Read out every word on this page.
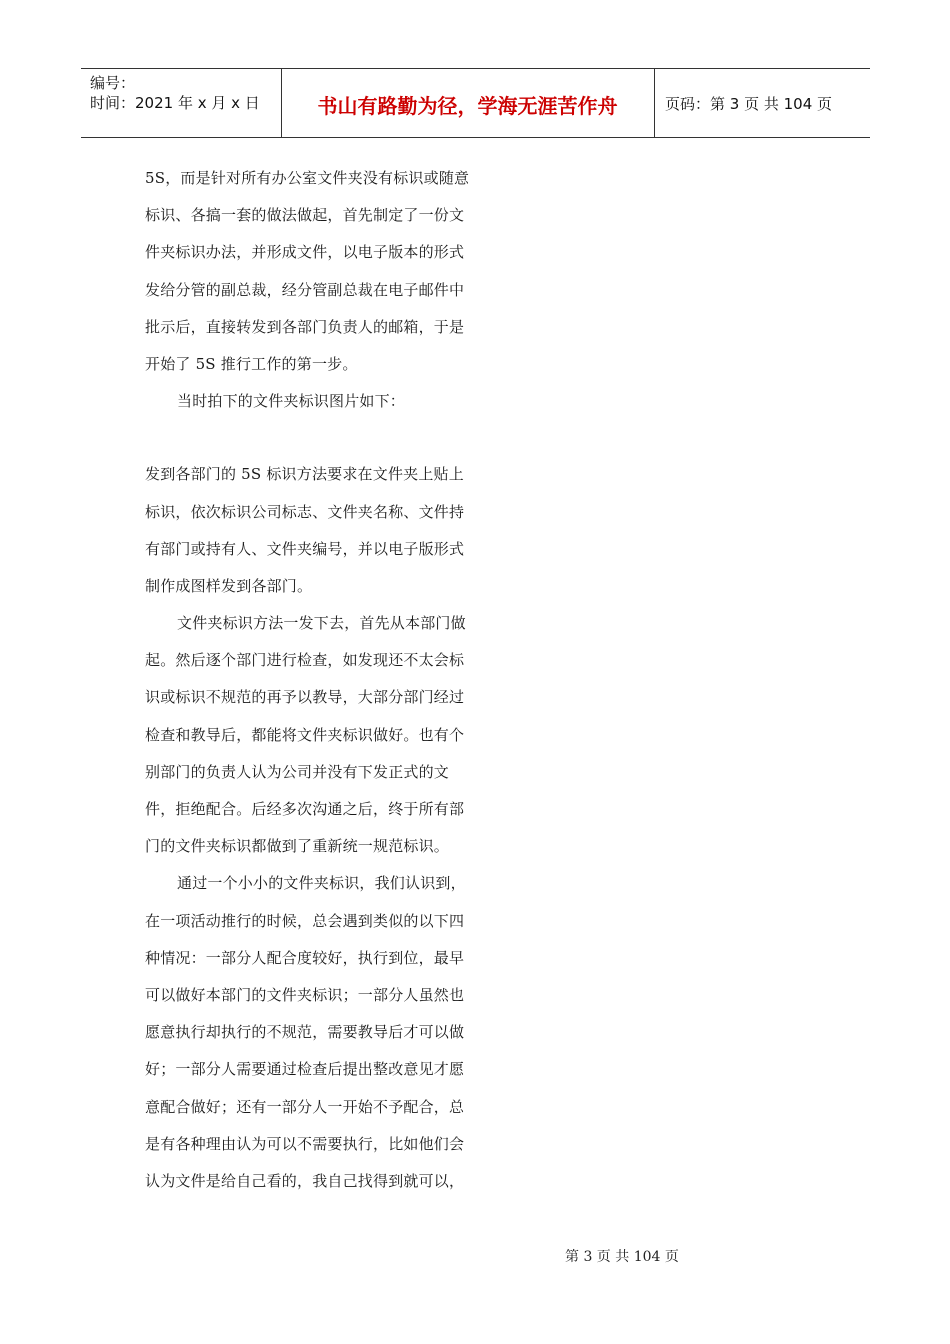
编号：
时间：2021 年 x 月 x 日	书山有路勤为径，学海无涯苦作舟	页码：第 3 页 共 104 页
5S，而是针对所有办公室文件夹没有标识或随意
标识、各搞一套的做法做起，首先制定了一份文
件夹标识办法，并形成文件，以电子版本的形式
发给分管的副总裁，经分管副总裁在电子邮件中
批示后，直接转发到各部门负责人的邮箱，于是
开始了 5S 推行工作的第一步。
当时拍下的文件夹标识图片如下：
发到各部门的 5S 标识方法要求在文件夹上贴上
标识，依次标识公司标志、文件夹名称、文件持
有部门或持有人、文件夹编号，并以电子版形式
制作成图样发到各部门。
文件夹标识方法一发下去，首先从本部门做
起。然后逐个部门进行检查，如发现还不太会标
识或标识不规范的再予以教导，大部分部门经过
检查和教导后，都能将文件夹标识做好。也有个
别部门的负责人认为公司并没有下发正式的文
件，拒绝配合。后经多次沟通之后，终于所有部
门的文件夹标识都做到了重新统一规范标识。
通过一个小小的文件夹标识，我们认识到，
在一项活动推行的时候，总会遇到类似的以下四
种情况：一部分人配合度较好，执行到位，最早
可以做好本部门的文件夹标识；一部分人虽然也
愿意执行却执行的不规范，需要教导后才可以做
好；一部分人需要通过检查后提出整改意见才愿
意配合做好；还有一部分人一开始不予配合，总
是有各种理由认为可以不需要执行，比如他们会
认为文件是给自己看的，我自己找得到就可以，
第 3 页 共 104 页
